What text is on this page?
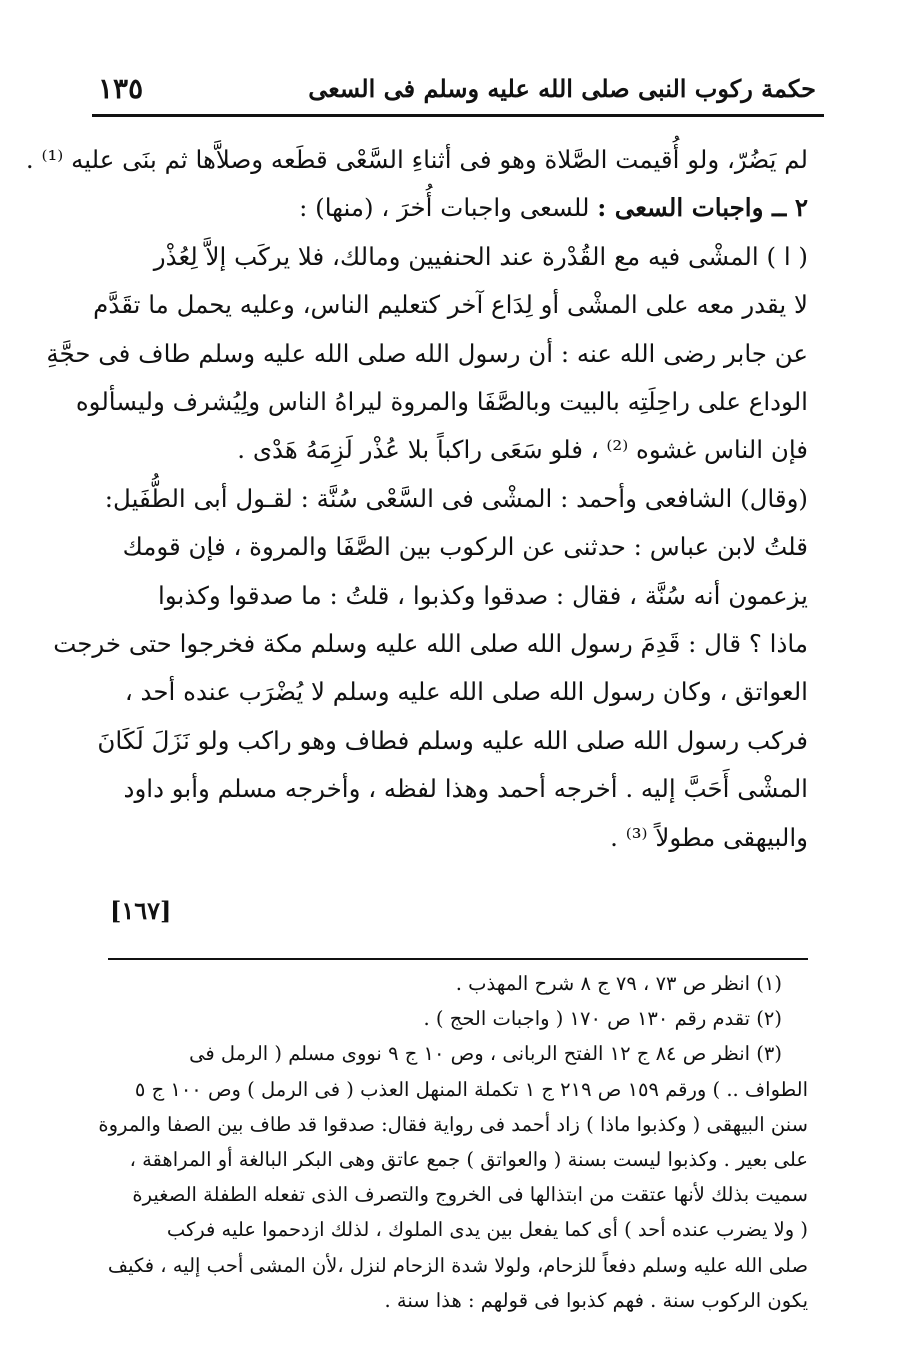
١٣٥	حكمة ركوب النبى صلى الله عليه وسلم فى السعى
لم يَضُرّ، ولو أُقيمت الصَّلاة وهو فى أثناءِ السَّعْى قطَعه وصلاَّها ثم بنَى عليه ⁽¹⁾ .
٢ ــ واجبات السعى : للسعى واجبات أُخرَ ، (منها) :
( ا ) المشْى فيه مع القُدْرة عند الحنفيين ومالك، فلا يركَب إلاَّ لِعُذْر
لا يقدر معه على المشْى أو لِدَاع آخر كتعليم الناس، وعليه يحمل ما تقَدَّم
عن جابر رضى الله عنه : أن رسول الله صلى الله عليه وسلم طاف فى حجَّةِ
الوداع على راحِلَتِه بالبيت وبالصَّفَا والمروة ليراهُ الناس ولِيُشرف وليسألوه
فإن الناس غشوه ⁽²⁾ ، فلو سَعَى راكباً بلا عُذْر لَزِمَهُ هَدْى .
(وقال) الشافعى وأحمد : المشْى فى السَّعْى سُنَّة : لقـول أبى الطُّفَيل:
قلتُ لابن عباس : حدثنى عن الركوب بين الصَّفَا والمروة ، فإن قومك
يزعمون أنه سُنَّة ، فقال : صدقوا وكذبوا ، قلتُ : ما صدقوا وكذبوا
ماذا ؟ قال : قَدِمَ رسول الله صلى الله عليه وسلم مكة فخرجوا حتى خرجت
العواتق ، وكان رسول الله صلى الله عليه وسلم لا يُضْرَب عنده أحد ،
فركب رسول الله صلى الله عليه وسلم فطاف وهو راكب ولو نَزَلَ لَكَانَ
المشْى أَحَبَّ إليه . أخرجه أحمد وهذا لفظه ، وأخرجه مسلم وأبو داود
والبيهقى مطولاً ⁽³⁾ .
[١٦٧]
(١) انظر ص ٧٣ ، ٧٩ ج ٨ شرح المهذب .
(٢) تقدم رقم ١٣٠ ص ١٧٠ ( واجبات الحج ) .
(٣) انظر ص ٨٤ ج ١٢ الفتح الربانى ، وص ١٠ ج ٩ نووى مسلم ( الرمل فى
الطواف .. ) ورقم ١٥٩ ص ٢١٩ ج ١ تكملة المنهل العذب ( فى الرمل ) وص ١٠٠ ج ٥
سنن البيهقى ( وكذبوا ماذا ) زاد أحمد فى رواية فقال: صدقوا قد طاف بين الصفا والمروة
على بعير . وكذبوا ليست بسنة ( والعواتق ) جمع عاتق وهى البكر البالغة أو المراهقة ،
سميت بذلك لأنها عتقت من ابتذالها فى الخروج والتصرف الذى تفعله الطفلة الصغيرة
( ولا يضرب عنده أحد ) أى كما يفعل بين يدى الملوك ، لذلك ازدحموا عليه فركب
صلى الله عليه وسلم دفعاً للزحام، ولولا شدة الزحام لنزل ،لأن المشى أحب إليه ، فكيف
يكون الركوب سنة . فهم كذبوا فى قولهم : هذا سنة .
